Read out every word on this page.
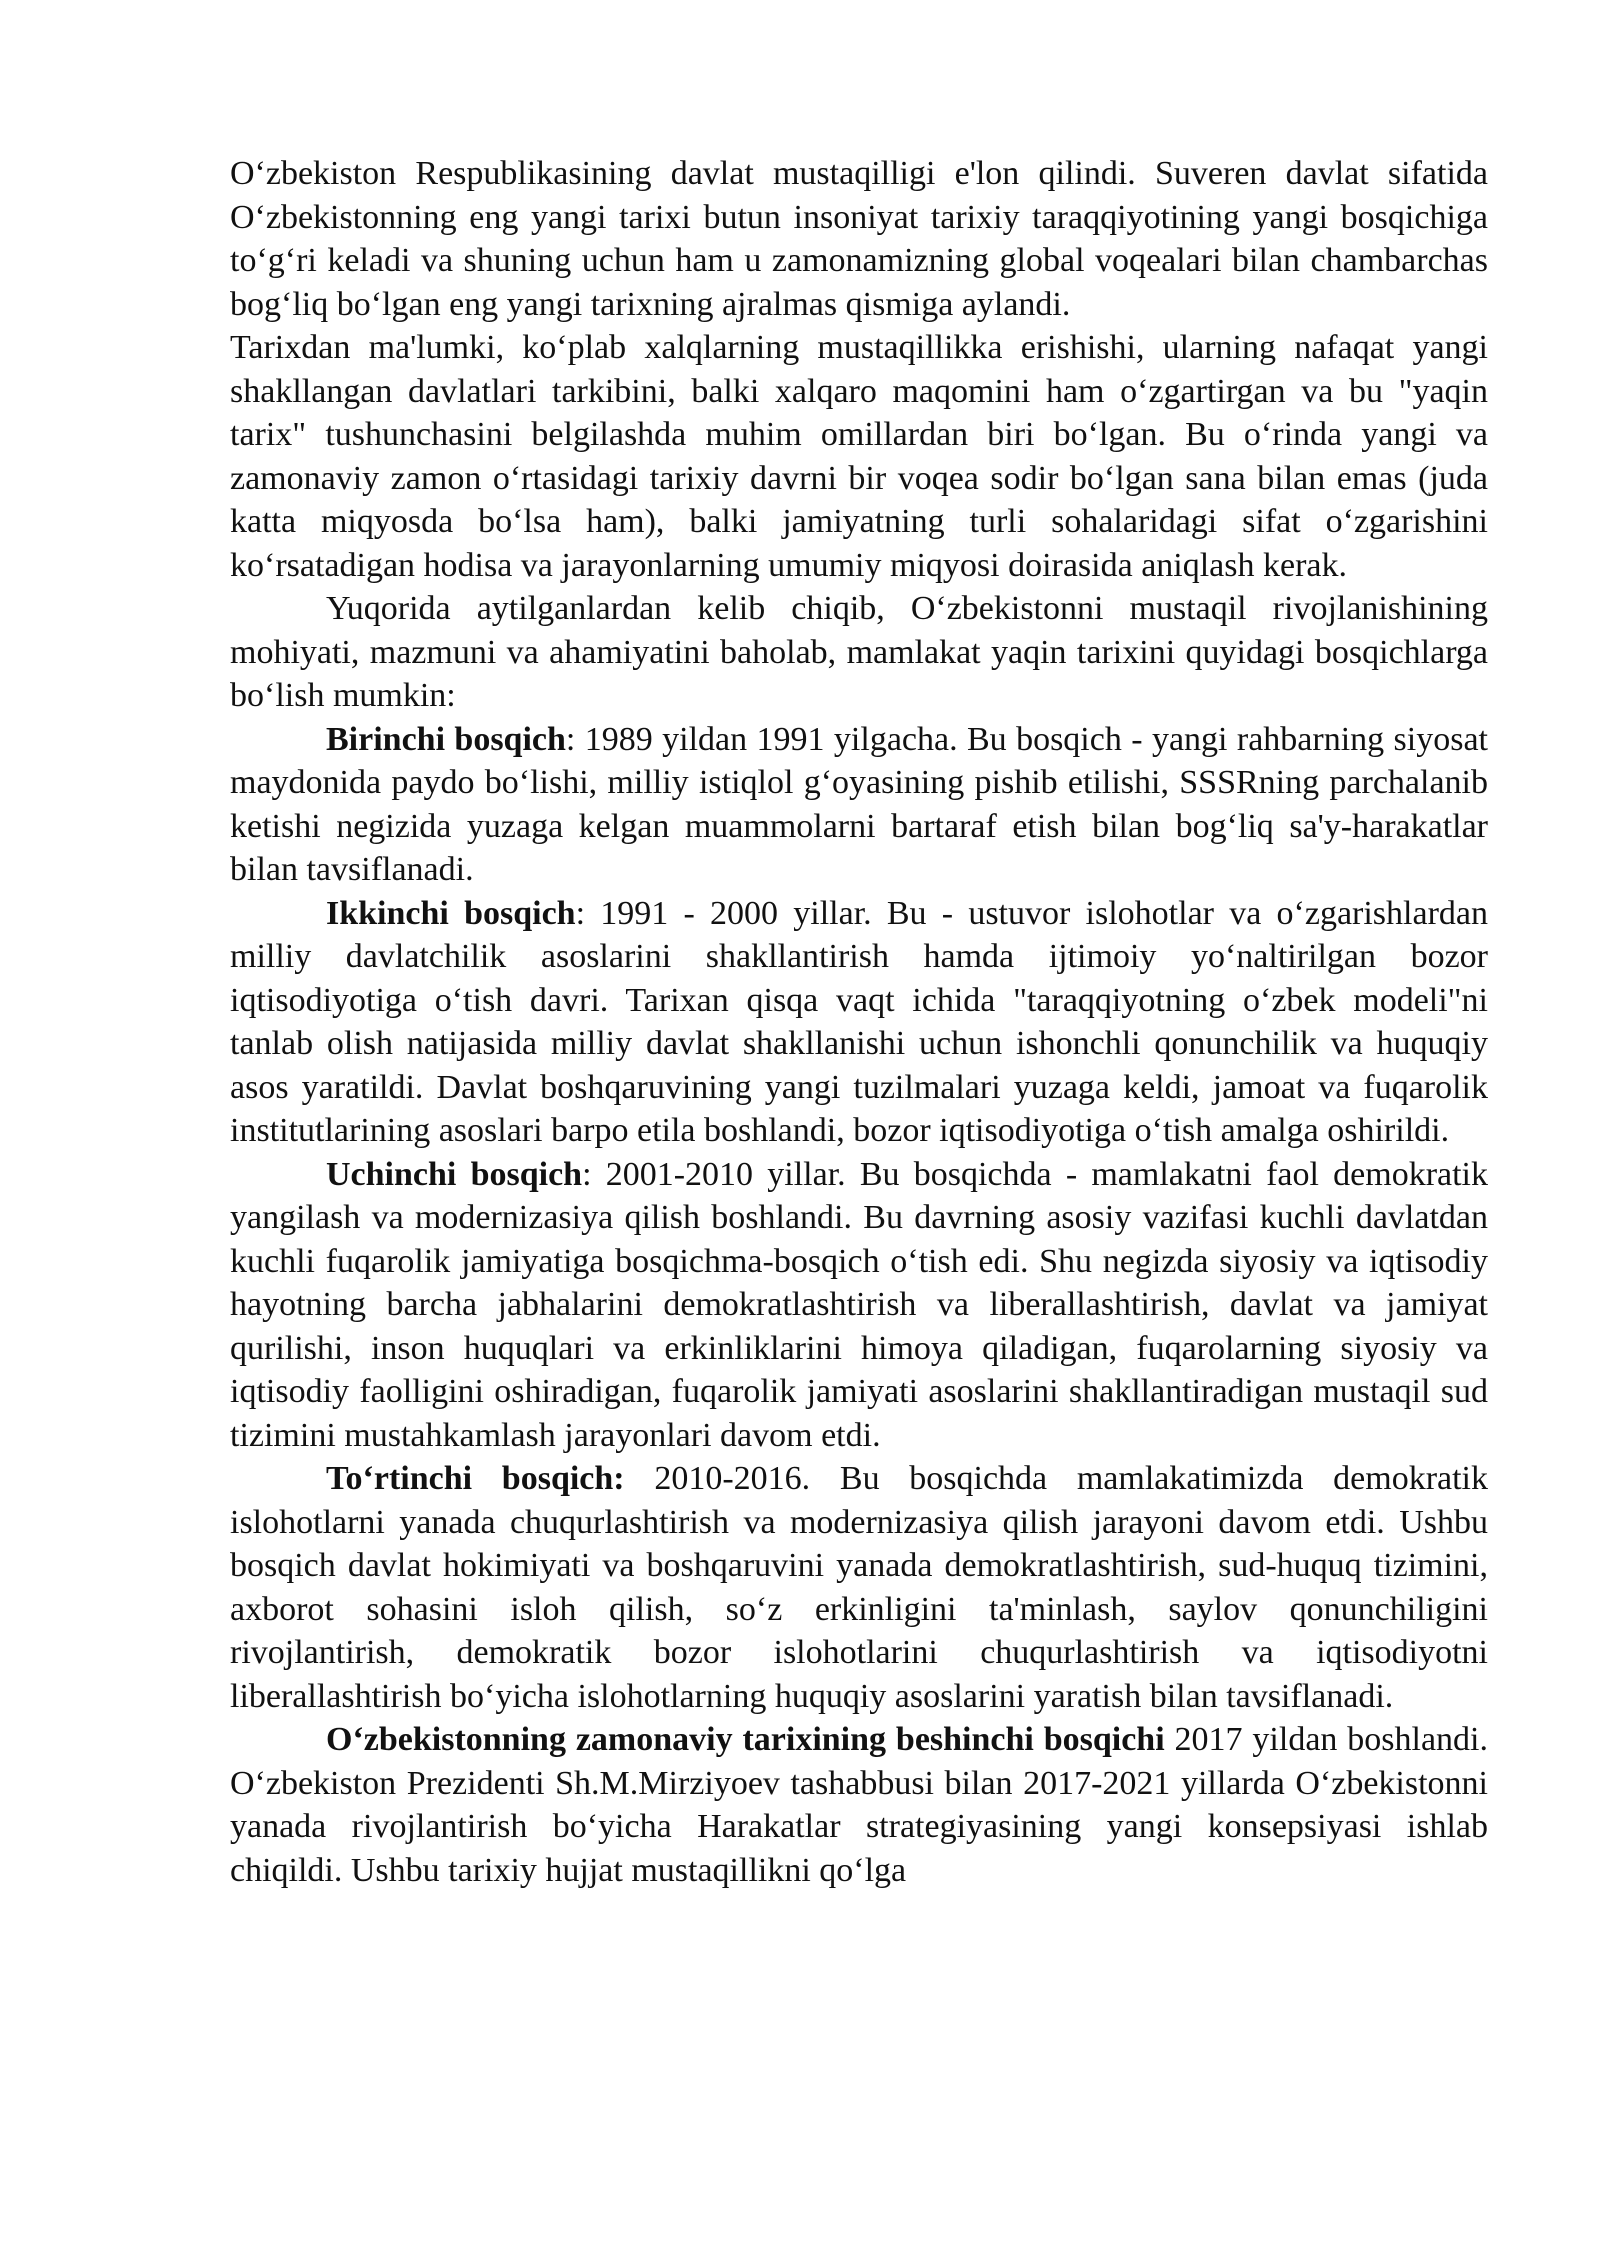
O‘zbekiston Respublikasining davlat mustaqilligi e'lon qilindi. Suveren davlat sifatida O‘zbekistonning eng yangi tarixi butun insoniyat tarixiy taraqqiyotining yangi bosqichiga to‘g‘ri keladi va shuning uchun ham u zamonamizning global voqealari bilan chambarchas bog‘liq bo‘lgan eng yangi tarixning ajralmas qismiga aylandi.

Tarixdan ma'lumki, ko‘plab xalqlarning mustaqillikka erishishi, ularning nafaqat yangi shakllangan davlatlari tarkibini, balki xalqaro maqomini ham o‘zgartirgan va bu "yaqin tarix" tushunchasini belgilashda muhim omillardan biri bo‘lgan. Bu o‘rinda yangi va zamonaviy zamon o‘rtasidagi tarixiy davrni bir voqea sodir bo‘lgan sana bilan emas (juda katta miqyosda bo‘lsa ham), balki jamiyatning turli sohalaridagi sifat o‘zgarishini ko‘rsatadigan hodisa va jarayonlarning umumiy miqyosi doirasida aniqlash kerak.

Yuqorida aytilganlardan kelib chiqib, O‘zbekistonni mustaqil rivojlanishining mohiyati, mazmuni va ahamiyatini baholab, mamlakat yaqin tarixini quyidagi bosqichlarga bo‘lish mumkin:

Birinchi bosqich: 1989 yildan 1991 yilgacha. Bu bosqich - yangi rahbarning siyosat maydonida paydo bo‘lishi, milliy istiqlol g‘oyasining pishib etilishi, SSSRning parchalanib ketishi negizida yuzaga kelgan muammolarni bartaraf etish bilan bog‘liq sa'y-harakatlar bilan tavsiflanadi.

Ikkinchi bosqich: 1991 - 2000 yillar. Bu - ustuvor islohotlar va o‘zgarishlardan milliy davlatchilik asoslarini shakllantirish hamda ijtimoiy yo‘naltirilgan bozor iqtisodiyotiga o‘tish davri. Tarixan qisqa vaqt ichida "taraqqiyotning o‘zbek modeli"ni tanlab olish natijasida milliy davlat shakllanishi uchun ishonchli qonunchilik va huquqiy asos yaratildi. Davlat boshqaruvining yangi tuzilmalari yuzaga keldi, jamoat va fuqarolik institutlarining asoslari barpo etila boshlandi, bozor iqtisodiyotiga o‘tish amalga oshirildi.

Uchinchi bosqich: 2001-2010 yillar. Bu bosqichda - mamlakatni faol demokratik yangilash va modernizasiya qilish boshlandi. Bu davrning asosiy vazifasi kuchli davlatdan kuchli fuqarolik jamiyatiga bosqichma-bosqich o‘tish edi. Shu negizda siyosiy va iqtisodiy hayotning barcha jabhalarini demokratlashtirish va liberallashtirish, davlat va jamiyat qurilishi, inson huquqlari va erkinliklarini himoya qiladigan, fuqarolarning siyosiy va iqtisodiy faolligini oshiradigan, fuqarolik jamiyati asoslarini shakllantiradigan mustaqil sud tizimini mustahkamlash jarayonlari davom etdi.

To‘rtinchi bosqich: 2010-2016. Bu bosqichda mamlakatimizda demokratik islohotlarni yanada chuqurlashtirish va modernizasiya qilish jarayoni davom etdi. Ushbu bosqich davlat hokimiyati va boshqaruvini yanada demokratlashtirish, sud-huquq tizimini, axborot sohasini isloh qilish, so‘z erkinligini ta'minlash, saylov qonunchiligini rivojlantirish, demokratik bozor islohotlarini chuqurlashtirish va iqtisodiyotni liberallashtirish bo‘yicha islohotlarning huquqiy asoslarini yaratish bilan tavsiflanadi.

O‘zbekistonning zamonaviy tarixining beshinchi bosqichi 2017 yildan boshlandi. O‘zbekiston Prezidenti Sh.M.Mirziyoev tashabbusi bilan 2017-2021 yillarda O‘zbekistonni yanada rivojlantirish bo‘yicha Harakatlar strategiyasining yangi konsepsiyasi ishlab chiqildi. Ushbu tarixiy hujjat mustaqillikni qo‘lga
